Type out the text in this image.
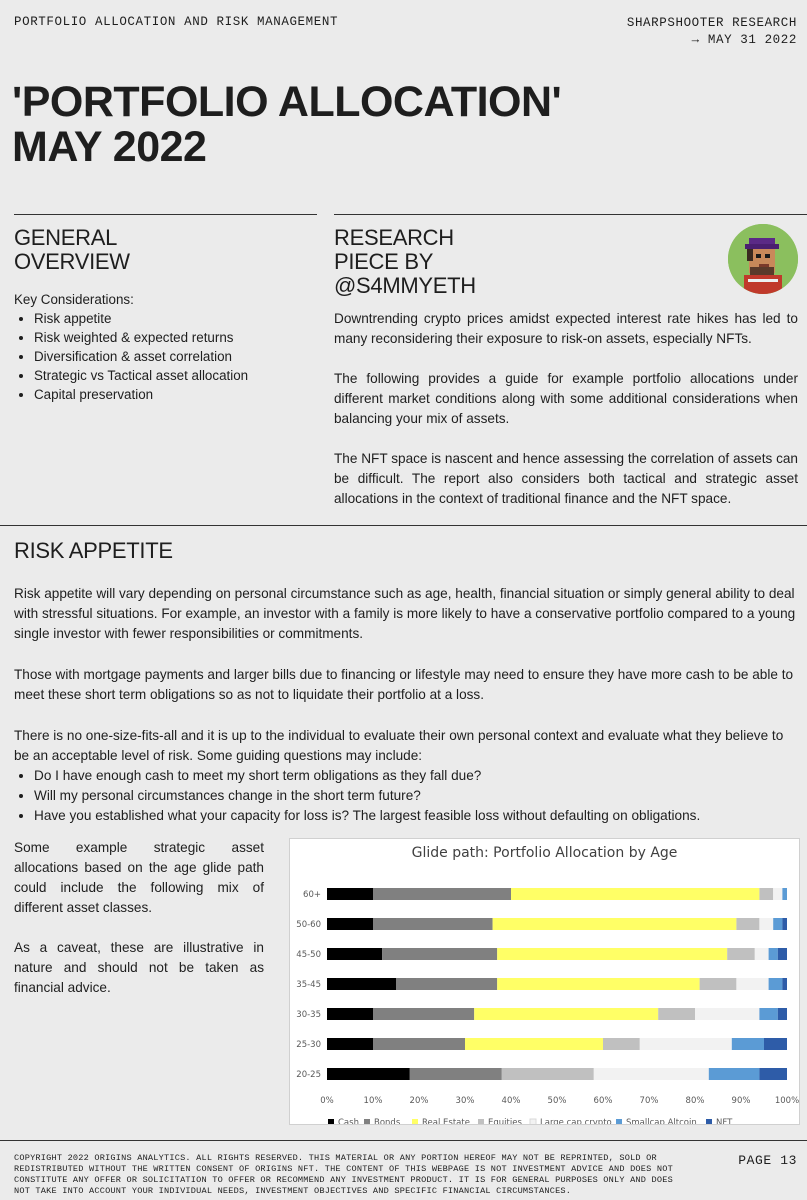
PORTFOLIO ALLOCATION AND RISK MANAGEMENT	SHARPSHOOTER RESEARCH
→ MAY 31 2022
'PORTFOLIO ALLOCATION'
MAY 2022
GENERAL
OVERVIEW
Key Considerations:
• Risk appetite
• Risk weighted & expected returns
• Diversification & asset correlation
• Strategic vs Tactical asset allocation
• Capital preservation
RESEARCH
PIECE BY
@S4MMYETH

Downtrending crypto prices amidst expected interest rate hikes has led to many reconsidering their exposure to risk-on assets, especially NFTs.

The following provides a guide for example portfolio allocations under different market conditions along with some additional considerations when balancing your mix of assets.

The NFT space is nascent and hence assessing the correlation of assets can be difficult. The report also considers both tactical and strategic asset allocations in the context of traditional finance and the NFT space.

RISK APPETITE

Risk appetite will vary depending on personal circumstance such as age, health, financial situation or simply general ability to deal with stressful situations. For example, an investor with a family is more likely to have a conservative portfolio compared to a young single investor with fewer responsibilities or commitments.

Those with mortgage payments and larger bills due to financing or lifestyle may need to ensure they have more cash to be able to meet these short term obligations so as not to liquidate their portfolio at a loss.

There is no one-size-fits-all and it is up to the individual to evaluate their own personal context and evaluate what they believe to be an acceptable level of risk. Some guiding questions may include:

• Do I have enough cash to meet my short term obligations as they fall due?
• Will my personal circumstances change in the short term future?
• Have you established what your capacity for loss is? The largest feasible loss without defaulting on obligations.

Some example strategic asset allocations based on the age glide path could include the following mix of different asset classes.

As a caveat, these are illustrative in nature and should not be taken as financial advice.

Glide path: Portfolio Allocation by Age
60+
50-60
45-50
35-45
30-35
25-30
20-25
0%	10%	20%	30%	40%	50%	60%	70%	80%	90%	100%
Cash Bonds	Real Estate Equities Large cap crypto Smallcap Altcoin NFT
COPYRIGHT 2022 ORIGINS ANALYTICS. ALL RIGHTS RESERVED. THIS MATERIAL OR ANY PORTION HEREOF MAY NOT BE REPRINTED, SOLD OR REDISTRIBUTED WITHOUT THE WRITTEN CONSENT OF ORIGINS NFT. THE CONTENT OF THIS WEBPAGE IS NOT INVESTMENT ADVICE AND DOES NOT CONSTITUTE ANY OFFER OR SOLICITATION TO OFFER OR RECOMMEND ANY INVESTMENT PRODUCT. IT IS FOR GENERAL PURPOSES ONLY AND DOES NOT TAKE INTO ACCOUNT YOUR INDIVIDUAL NEEDS, INVESTMENT OBJECTIVES AND SPECIFIC FINANCIAL CIRCUMSTANCES.
PAGE 13
